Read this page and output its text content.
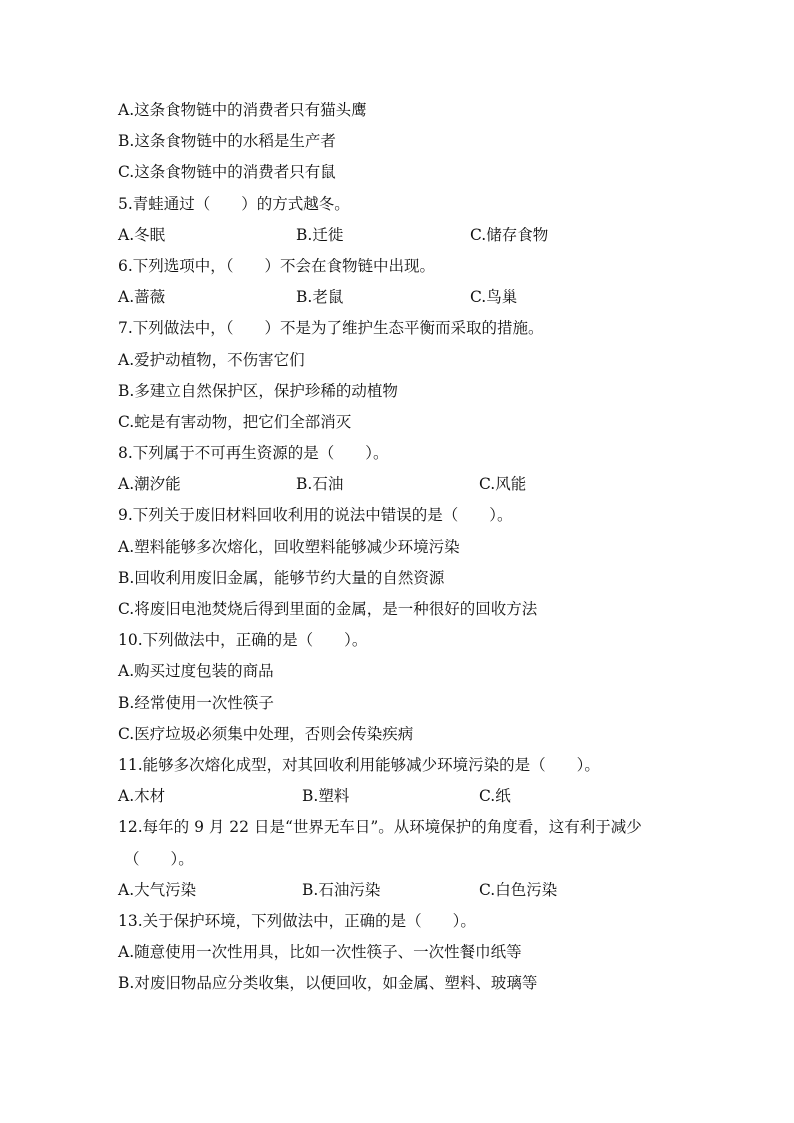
A.这条食物链中的消费者只有猫头鹰
B.这条食物链中的水稻是生产者
C.这条食物链中的消费者只有鼠
5.青蛙通过（　　）的方式越冬。
A.冬眠	B.迁徙	C.储存食物
6.下列选项中，（　　）不会在食物链中出现。
A.蔷薇	B.老鼠	C.鸟巢
7.下列做法中，（　　）不是为了维护生态平衡而采取的措施。
A.爱护动植物，不伤害它们
B.多建立自然保护区，保护珍稀的动植物
C.蛇是有害动物，把它们全部消灭
8.下列属于不可再生资源的是（　　）。
A.潮汐能	B.石油	C.风能
9.下列关于废旧材料回收利用的说法中错误的是（　　）。
A.塑料能够多次熔化，回收塑料能够减少环境污染
B.回收利用废旧金属，能够节约大量的自然资源
C.将废旧电池焚烧后得到里面的金属，是一种很好的回收方法
10.下列做法中，正确的是（　　）。
A.购买过度包装的商品
B.经常使用一次性筷子
C.医疗垃圾必须集中处理，否则会传染疾病
11.能够多次熔化成型，对其回收利用能够减少环境污染的是（　　）。
A.木材	B.塑料	C.纸
12.每年的 9 月 22 日是“世界无车日”。从环境保护的角度看，这有利于减少
（　　）。
A.大气污染	B.石油污染	C.白色污染
13.关于保护环境，下列做法中，正确的是（　　）。
A.随意使用一次性用具，比如一次性筷子、一次性餐巾纸等
B.对废旧物品应分类收集，以便回收，如金属、塑料、玻璃等
